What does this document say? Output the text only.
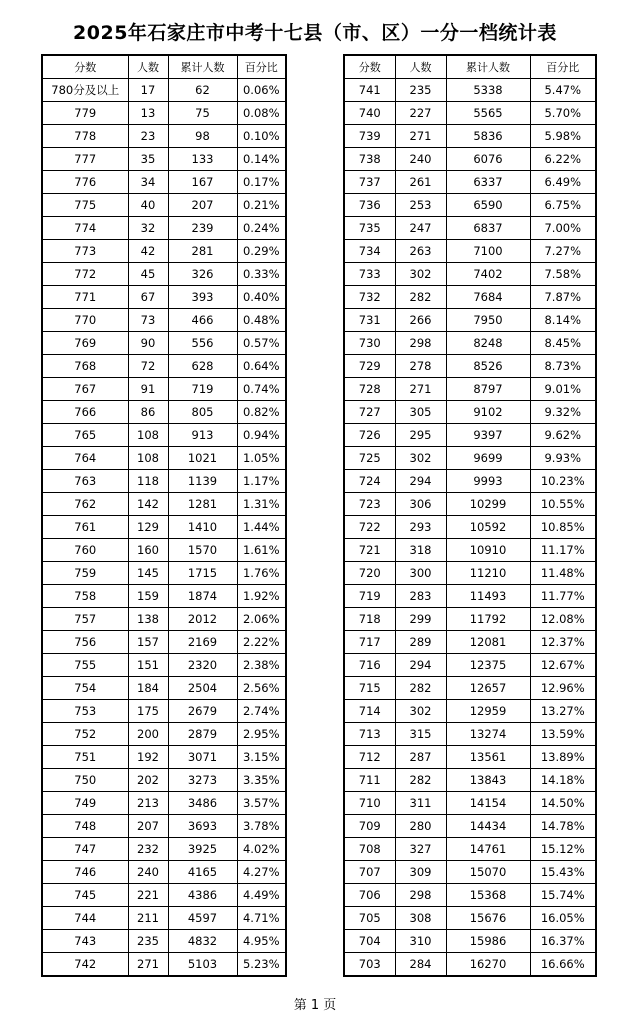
2025年石家庄市中考十七县（市、区）一分一档统计表
分数	人数	累计人数	百分比
780分及以上	17	62	0.06%
779	13	75	0.08%
778	23	98	0.10%
777	35	133	0.14%
776	34	167	0.17%
775	40	207	0.21%
774	32	239	0.24%
773	42	281	0.29%
772	45	326	0.33%
771	67	393	0.40%
770	73	466	0.48%
769	90	556	0.57%
768	72	628	0.64%
767	91	719	0.74%
766	86	805	0.82%
765	108	913	0.94%
764	108	1021	1.05%
763	118	1139	1.17%
762	142	1281	1.31%
761	129	1410	1.44%
760	160	1570	1.61%
759	145	1715	1.76%
758	159	1874	1.92%
757	138	2012	2.06%
756	157	2169	2.22%
755	151	2320	2.38%
754	184	2504	2.56%
753	175	2679	2.74%
752	200	2879	2.95%
751	192	3071	3.15%
750	202	3273	3.35%
749	213	3486	3.57%
748	207	3693	3.78%
747	232	3925	4.02%
746	240	4165	4.27%
745	221	4386	4.49%
744	211	4597	4.71%
743	235	4832	4.95%
742	271	5103	5.23%
分数	人数	累计人数	百分比
741	235	5338	5.47%
740	227	5565	5.70%
739	271	5836	5.98%
738	240	6076	6.22%
737	261	6337	6.49%
736	253	6590	6.75%
735	247	6837	7.00%
734	263	7100	7.27%
733	302	7402	7.58%
732	282	7684	7.87%
731	266	7950	8.14%
730	298	8248	8.45%
729	278	8526	8.73%
728	271	8797	9.01%
727	305	9102	9.32%
726	295	9397	9.62%
725	302	9699	9.93%
724	294	9993	10.23%
723	306	10299	10.55%
722	293	10592	10.85%
721	318	10910	11.17%
720	300	11210	11.48%
719	283	11493	11.77%
718	299	11792	12.08%
717	289	12081	12.37%
716	294	12375	12.67%
715	282	12657	12.96%
714	302	12959	13.27%
713	315	13274	13.59%
712	287	13561	13.89%
711	282	13843	14.18%
710	311	14154	14.50%
709	280	14434	14.78%
708	327	14761	15.12%
707	309	15070	15.43%
706	298	15368	15.74%
705	308	15676	16.05%
704	310	15986	16.37%
703	284	16270	16.66%
第 1 页
